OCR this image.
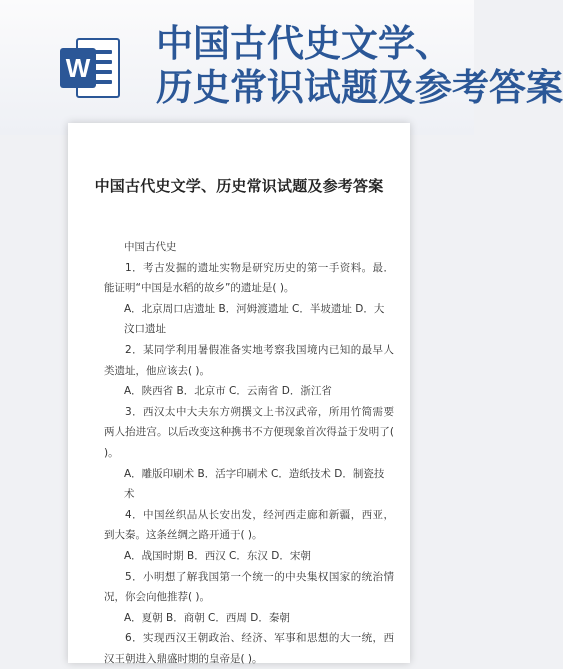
W
中国古代史文学、
历史常识试题及参考答案
中国古代史文学、历史常识试题及参考答案
中国古代史
1．考古发掘的遗址实物是研究历史的第一手资料。最．能证明“中国是水稻的故乡”的遗址是( )。
A．北京周口店遗址 B．河姆渡遗址 C．半坡遗址 D．大汶口遗址
2．某同学利用暑假准备实地考察我国境内已知的最早人类遗址，他应该去( )。
A．陕西省 B．北京市 C．云南省 D．浙江省
3．西汉太中大夫东方朔撰文上书汉武帝，所用竹简需要两人抬进宫。以后改变这种携书不方便现象首次得益于发明了( )。
A．雕版印刷术 B．活字印刷术 C．造纸技术 D．制瓷技术
4．中国丝织品从长安出发，经河西走廊和新疆，西亚，到大秦。这条丝绸之路开通于( )。
A．战国时期 B．西汉 C．东汉 D．宋朝
5．小明想了解我国第一个统一的中央集权国家的统治情况，你会向他推荐( )。
A．夏朝 B．商朝 C．西周 D．秦朝
6．实现西汉王朝政治、经济、军事和思想的大一统，西汉王朝进入鼎盛时期的皇帝是( )。
